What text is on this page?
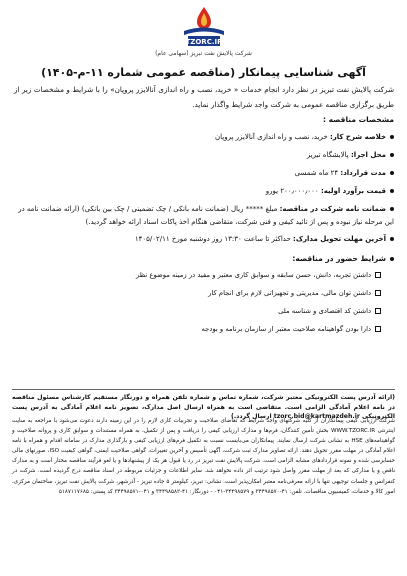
TZORC.IR
شرکت پالایش نفت تبریز (سهامی عام)
آگهی شناسایی پیمانکار (مناقصه عمومی شماره ۱۱-م-۱۴۰۵)
شرکت پالایش نفت تبریز در نظر دارد انجام خدمات « خرید، نصب و راه اندازی آنالایزر پروپان» را با شرایط و مشخصات زیر از طریق برگزاری مناقصه عمومی به شرکت واجد شرایط واگذار نماید.
مشخصات مناقصه :
خلاصه شرح کار: خرید، نصب و راه اندازی آنالایزر پروپان
محل اجرا: پالایشگاه تبریز
مدت قرارداد: ۲۴ ماه شمسی
قیمت برآورد اولیه: ۲۰۰٫۰۰۰٫۰۰۰ یورو
ضمانت نامه شرکت در مناقصه: مبلغ ***** ریال (ضمانت نامه بانکی / چک تضمینی / چک بین بانکی) (ارائه ضمانت نامه در این مرحله نیاز نبوده و پس از تائید کیفی و فنی شرکت، متقاضی هنگام اخذ پاکات اسناد ارائه خواهد گردید.)
آخرین مهلت تحویل مدارک: حداکثر تا ساعت ۱۳:۳۰ روز دوشنبه مورخ ۱۴۰۵/۰۲/۱۱
شرایط حضور در مناقصه:
داشتن تجربه، دانش، حسن سابقه و سوابق کاری معتبر و مفید در زمینه موضوع نظر
داشتن توان مالی، مدیریتی و تجهیزاتی لازم برای انجام کار
داشتن کد اقتصادی و شناسه ملی
دارا بودن گواهینامه صلاحیت معتبر از سازمان برنامه و بودجه
(ارائه آدرس پست الکترونیکی معتبر شرکت، شماره تماس و شماره تلفن همراه و دورنگار مستقیم کارشناس مسئول مناقصه در نامه اعلام آمادگی الزامی است. متقاضی است به همراه ارسال اصل مدارک، تصویر نامه اعلام آمادگی به آدرس پست الکترونیکی tzorc.bid@kartmazdeh.ir ارسال گردد.)
شرکت ارزیابی کیفی پیمانکاران از کلیه شرکتهای واجد شرایط که تقاضای صلاحیت و تجربیات کاری لازم را در این زمینه دارند دعوت می‌شود با مراجعه به سایت اینترنتی WWW.TZORC.IR بخش تأمین کنندگان، فرم‌ها و مدارک ارزیابی کیفی را دریافت و پس از تکمیل، به همراه مستندات و سوابق کاری و پروانه صلاحیت و گواهینامه‌های HSE به نشانی شرکت ارسال نمایند. پیمانکاران می‌بایست نسبت به تکمیل فرم‌های ارزیابی کیفی و بارگذاری مدارک در سامانه اقدام و همراه با نامه اعلام آمادگی در مهلت مقرر تحویل دهند. ارائه تصاویر مدارک ثبت شرکت، آگهی تأسیس و آخرین تغییرات، گواهی صلاحیت ایمنی، گواهی کیفیت ISO، صورتهای مالی حسابرسی شده و نمونه قراردادهای مشابه الزامی است. شرکت پالایش نفت تبریز در رد یا قبول هر یک از پیشنهادها و یا لغو فرآیند مناقصه مختار است و به مدارک ناقص و یا مدارکی که بعد از مهلت مقرر واصل شود ترتیب اثر داده نخواهد شد. سایر اطلاعات و جزئیات مربوطه در اسناد مناقصه درج گردیده است. شرکت در کنفرانس و جلسات توجیهی تنها با ارائه معرفی‌نامه معتبر امکان‌پذیر است. نشانی: تبریز، کیلومتر ۵ جاده تبریز - آذرشهر، شرکت پالایش نفت تبریز، ساختمان مرکزی، امور کالا و خدمات، کمیسیون مناقصات. تلفن: ۴۱-۳۴۴۹۸۵۷۰ و ۳۴۴۹۸۵۷۹-۰۴۱ - دورنگار: ۴۱-۳۴۴۹۸۵۸۲ و ۰۴۱-۳۴۴۹۸۵۷۱ کد پستی: ۵۱۸۷۱۱۷۶۸۵
